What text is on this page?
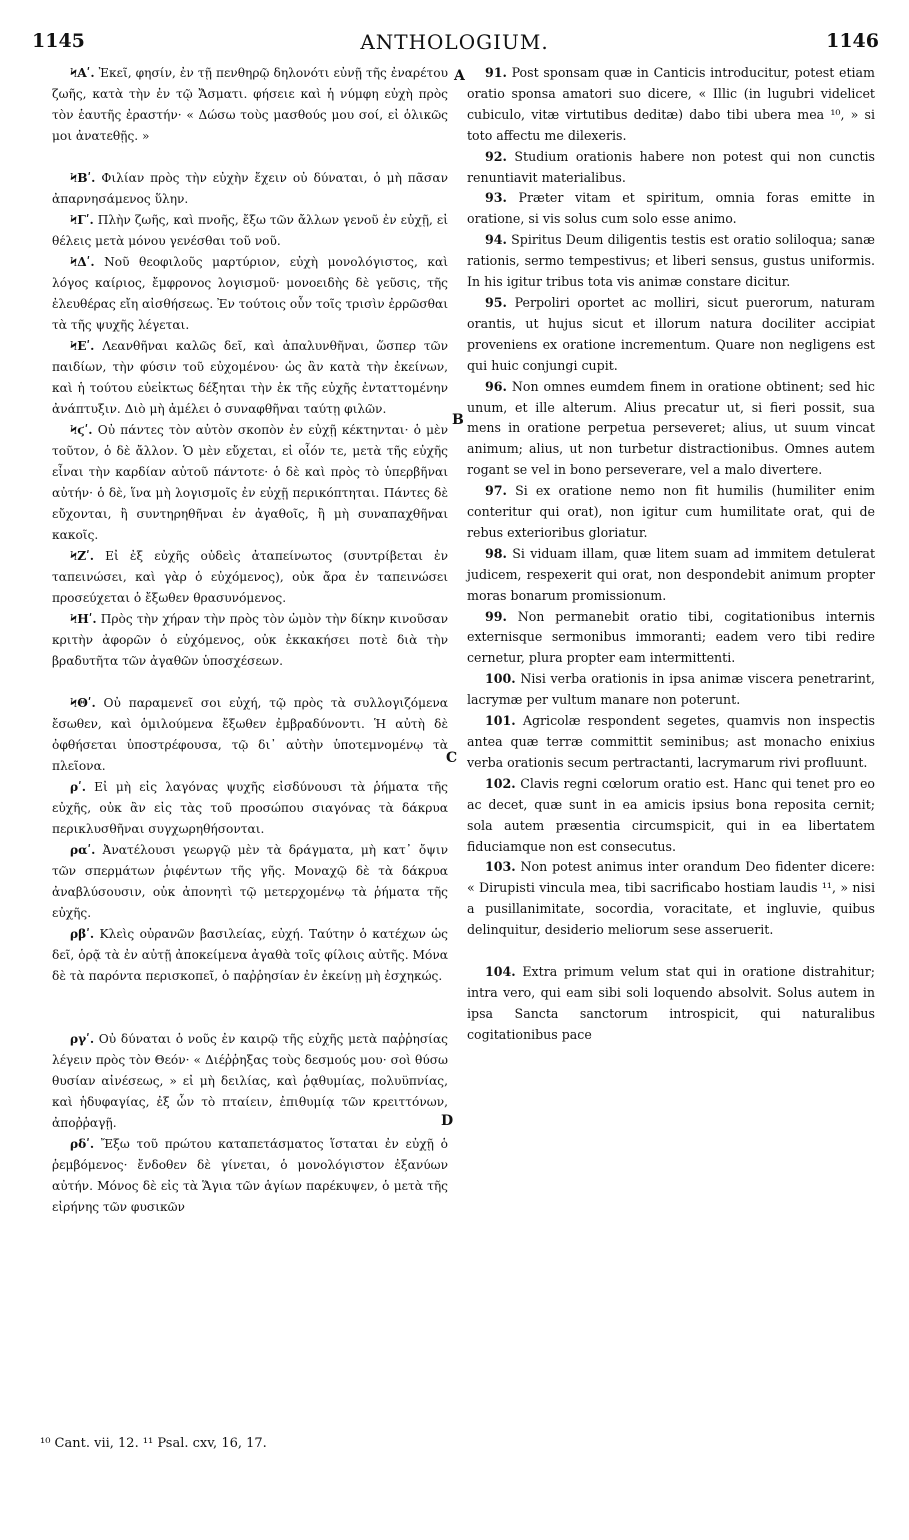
1145	ANTHOLOGIUM.	1146

ϞΑʹ. Ἐκεῖ, φησίν, ἐν τῇ πενθηρῷ δηλονότι εὐνῇ τῆς ἐναρέτου ζωῆς, κατὰ τὴν ἐν τῷ Ἄσματι. φήσειε καὶ ἡ νύμφη εὐχὴ πρὸς τὸν ἑαυτῆς ἐραστήν· « Δώσω τοὺς μασθούς μου σοί, εἰ ὁλικῶς μοι ἀνατεθῇς. »

ϞΒʹ. Φιλίαν πρὸς τὴν εὐχὴν ἔχειν οὐ δύναται, ὁ μὴ πᾶσαν ἀπαρνησάμενος ὕλην.

ϞΓʹ. Πλὴν ζωῆς, καὶ πνοῆς, ἔξω τῶν ἄλλων γενοῦ ἐν εὐχῇ, εἰ θέλεις μετὰ μόνου γενέσθαι τοῦ νοῦ.

ϞΔʹ. Νοῦ θεοφιλοῦς μαρτύριον, εὐχὴ μονολόγιστος, καὶ λόγος καίριος, ἔμφρονος λογισμοῦ· μονοειδὴς δὲ γεῦσις, τῆς ἐλευθέρας εἴη αἰσθήσεως. Ἐν τούτοις οὖν τοῖς τρισὶν ἐρρῶσθαι τὰ τῆς ψυχῆς λέγεται.

ϞΕʹ. Λεανθῆναι καλῶς δεῖ, καὶ ἀπαλυνθῆναι, ὥσπερ τῶν παιδίων, τὴν φύσιν τοῦ εὐχομένου· ὡς ἂν κατὰ τὴν ἐκείνων, καὶ ἡ τούτου εὐεἰκτως δέξηται τὴν ἐκ τῆς εὐχῆς ἐνταττομένην ἀνάπτυξιν. Διὸ μὴ ἀμέλει ὁ συναφθῆναι ταύτῃ φιλῶν.

Ϟϛʹ. Οὐ πάντες τὸν αὐτὸν σκοπὸν ἐν εὐχῇ κέκτηνται· ὁ μὲν τοῦτον, ὁ δὲ ἄλλον. Ὁ μὲν εὔχεται, εἰ οἷόν τε, μετὰ τῆς εὐχῆς εἶναι τὴν καρδίαν αὐτοῦ πάντοτε· ὁ δὲ καὶ πρὸς τὸ ὑπερβῆναι αὐτήν· ὁ δὲ, ἵνα μὴ λογισμοῖς ἐν εὐχῇ περικόπτηται. Πάντες δὲ εὔχονται, ἢ συντηρηθῆναι ἐν ἀγαθοῖς, ἢ μὴ συναπαχθῆναι κακοῖς.

ϞΖʹ. Εἰ ἐξ εὐχῆς οὐδεὶς ἀταπείνωτος (συντρίβεται ἐν ταπεινώσει, καὶ γὰρ ὁ εὐχόμενος), οὐκ ἄρα ἐν ταπεινώσει προσεύχεται ὁ ἔξωθεν θρασυνόμενος.

ϞΗʹ. Πρὸς τὴν χήραν τὴν πρὸς τὸν ὠμὸν τὴν δίκην κινοῦσαν κριτὴν ἀφορῶν ὁ εὐχόμενος, οὐκ ἐκκακήσει ποτὲ διὰ τὴν βραδυτῆτα τῶν ἀγαθῶν ὑποσχέσεων.

ϞΘʹ. Οὐ παραμενεῖ σοι εὐχή, τῷ πρὸς τὰ συλλογιζόμενα ἔσωθεν, καὶ ὁμιλούμενα ἔξωθεν ἐμβραδύνοντι. Ἡ αὐτὴ δὲ ὀφθήσεται ὑποστρέφουσα, τῷ δι᾽ αὐτὴν ὑποτεμνομένῳ τὰ πλεῖονα.

ρʹ. Εἰ μὴ εἰς λαγόνας ψυχῆς εἰσδύνουσι τὰ ῥήματα τῆς εὐχῆς, οὐκ ἂν εἰς τὰς τοῦ προσώπου σιαγόνας τὰ δάκρυα περικλυσθῆναι συγχωρηθήσονται.

ραʹ. Ἀνατέλουσι γεωργῷ μὲν τὰ δράγματα, μὴ κατ᾽ ὄψιν τῶν σπερμάτων ῥιφέντων τῆς γῆς. Μοναχῷ δὲ τὰ δάκρυα ἀναβλύσουσιν, οὐκ ἀπονητὶ τῷ μετερχομένῳ τὰ ῥήματα τῆς εὐχῆς.

ρβʹ. Κλεὶς οὐρανῶν βασιλείας, εὐχή. Ταύτην ὁ κατέχων ὡς δεῖ, ὁρᾷ τὰ ἐν αὐτῇ ἀποκείμενα ἀγαθὰ τοῖς φίλοις αὐτῆς. Μόνα δὲ τὰ παρόντα περισκοπεῖ, ὁ παῤῥησίαν ἐν ἐκείνῃ μὴ ἐσχηκώς.

ργʹ. Οὐ δύναται ὁ νοῦς ἐν καιρῷ τῆς εὐχῆς μετὰ παῤῥησίας λέγειν πρὸς τὸν Θεόν· « Διέῤῥηξας τοὺς δεσμούς μου· σοὶ θύσω θυσίαν αἰνέσεως, » εἰ μὴ δειλίας, καὶ ῥᾳθυμίας, πολυϋπνίας, καὶ ἡδυφαγίας, ἐξ ὧν τὸ πταίειν, ἐπιθυμίᾳ τῶν κρειττόνων, ἀποῤῥαγῇ.

ρδʹ. Ἔξω τοῦ πρώτου καταπετάσματος ἵσταται ἐν εὐχῇ ὁ ῥεμβόμενος· ἔνδοθεν δὲ γίνεται, ὁ μονολόγιστον ἐξανύων αὐτήν. Μόνος δὲ εἰς τὰ Ἅγια τῶν ἁγίων παρέκυψεν, ὁ μετὰ τῆς εἰρήνης τῶν φυσικῶν

A
B
C
D

91. Post sponsam quæ in Canticis introducitur, potest etiam oratio sponsa amatori suo dicere, « Illic (in lugubri videlicet cubiculo, vitæ virtutibus deditæ) dabo tibi ubera mea ¹⁰, » si toto affectu me dilexeris.

92. Studium orationis habere non potest qui non cunctis renuntiavit materialibus.

93. Præter vitam et spiritum, omnia foras emitte in oratione, si vis solus cum solo esse animo.

94. Spiritus Deum diligentis testis est oratio soliloqua; sanæ rationis, sermo tempestivus; et liberi sensus, gustus uniformis. In his igitur tribus tota vis animæ constare dicitur.

95. Perpoliri oportet ac molliri, sicut puerorum, naturam orantis, ut hujus sicut et illorum natura dociliter accipiat proveniens ex oratione incrementum. Quare non negligens est qui huic conjungi cupit.

96. Non omnes eumdem finem in oratione obtinent; sed hic unum, et ille alterum. Alius precatur ut, si fieri possit, sua mens in oratione perpetua perseveret; alius, ut suum vincat animum; alius, ut non turbetur distractionibus. Omnes autem rogant se vel in bono perseverare, vel a malo divertere.

97. Si ex oratione nemo non fit humilis (humiliter enim conteritur qui orat), non igitur cum humilitate orat, qui de rebus exterioribus gloriatur.

98. Si viduam illam, quæ litem suam ad immitem detulerat judicem, respexerit qui orat, non despondebit animum propter moras bonarum promissionum.

99. Non permanebit oratio tibi, cogitationibus internis externisque sermonibus immoranti; eadem vero tibi redire cernetur, plura propter eam intermittenti.

100. Nisi verba orationis in ipsa animæ viscera penetrarint, lacrymæ per vultum manare non poterunt.

101. Agricolæ respondent segetes, quamvis non inspectis antea quæ terræ committit seminibus; ast monacho enixius verba orationis secum pertractanti, lacrymarum rivi profluunt.

102. Clavis regni cœlorum oratio est. Hanc qui tenet pro eo ac decet, quæ sunt in ea amicis ipsius bona reposita cernit; sola autem præsentia circumspicit, qui in ea libertatem fiduciamque non est consecutus.

103. Non potest animus inter orandum Deo fidenter dicere: « Dirupisti vincula mea, tibi sacrificabo hostiam laudis ¹¹, » nisi a pusillanimitate, socordia, voracitate, et ingluvie, quibus delinquitur, desiderio meliorum sese asseruerit.

104. Extra primum velum stat qui in oratione distrahitur; intra vero, qui eam sibi soli loquendo absolvit. Solus autem in ipsa Sancta sanctorum introspicit, qui naturalibus cogitationibus pace

¹⁰ Cant. vii, 12. ¹¹ Psal. cxv, 16, 17.
